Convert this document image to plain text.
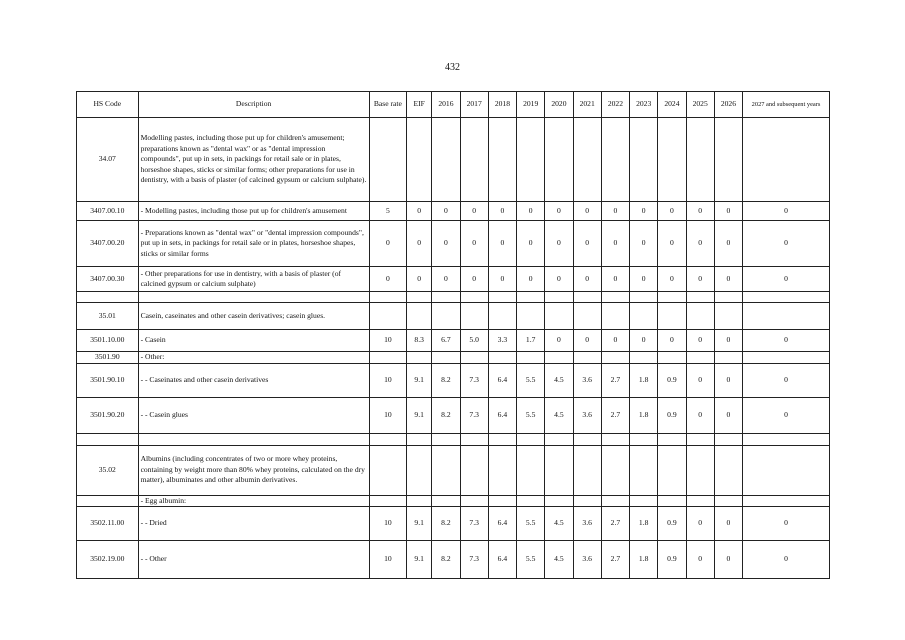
432
HS Code	Description	Base rate	EIF	2016	2017	2018	2019	2020	2021	2022	2023	2024	2025	2026	2027 and subsequent years
34.07	Modelling pastes, including those put up for children's amusement; preparations known as "dental wax" or as "dental impression compounds", put up in sets, in packings for retail sale or in plates, horseshoe shapes, sticks or similar forms; other preparations for use in dentistry, with a basis of plaster (of calcined gypsum or calcium sulphate).														
3407.00.10	- Modelling pastes, including those put up for children's amusement	5	0	0	0	0	0	0	0	0	0	0	0	0	0
3407.00.20	- Preparations known as "dental wax" or "dental impression compounds", put up in sets, in packings for retail sale or in plates, horseshoe shapes, sticks or similar forms	0	0	0	0	0	0	0	0	0	0	0	0	0	0
3407.00.30	- Other preparations for use in dentistry, with a basis of plaster (of calcined gypsum or calcium sulphate)	0	0	0	0	0	0	0	0	0	0	0	0	0	0

35.01	Casein, caseinates and other casein derivatives; casein glues.														
3501.10.00	- Casein	10	8.3	6.7	5.0	3.3	1.7	0	0	0	0	0	0	0	0
3501.90	- Other:														
3501.90.10	- - Caseinates and other casein derivatives	10	9.1	8.2	7.3	6.4	5.5	4.5	3.6	2.7	1.8	0.9	0	0	0
3501.90.20	- - Casein glues	10	9.1	8.2	7.3	6.4	5.5	4.5	3.6	2.7	1.8	0.9	0	0	0

35.02	Albumins (including concentrates of two or more whey proteins, containing by weight more than 80% whey proteins, calculated on the dry matter), albuminates and other albumin derivatives.														
	- Egg albumin:														
3502.11.00	- - Dried	10	9.1	8.2	7.3	6.4	5.5	4.5	3.6	2.7	1.8	0.9	0	0	0
3502.19.00	- - Other	10	9.1	8.2	7.3	6.4	5.5	4.5	3.6	2.7	1.8	0.9	0	0	0
